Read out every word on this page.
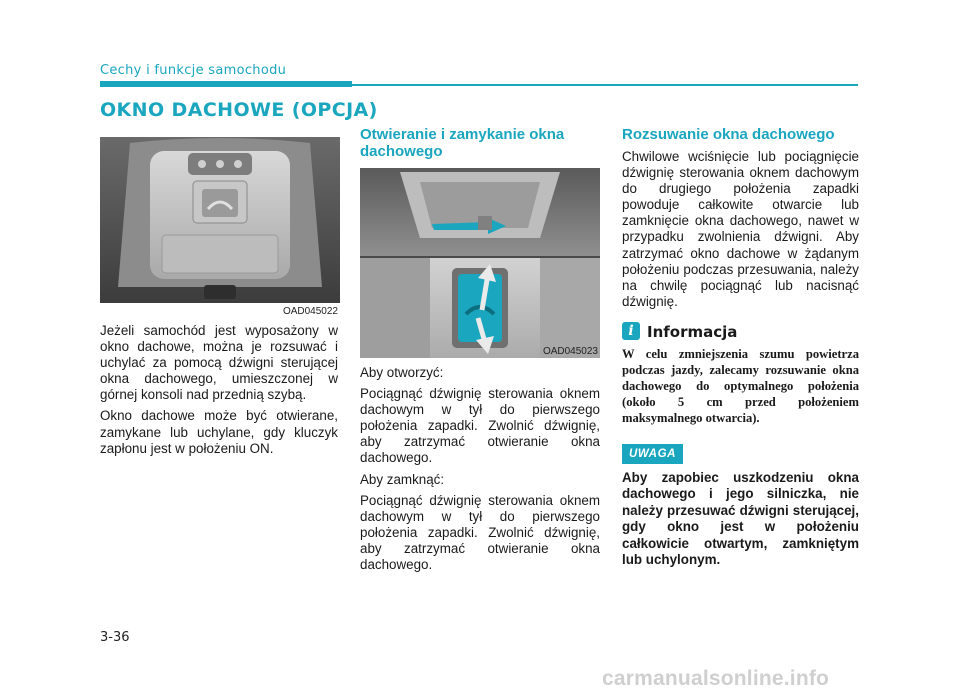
Cechy i funkcje samochodu
OKNO DACHOWE (OPCJA)
OAD045022

Jeżeli samochód jest wyposażony w okno dachowe, można je rozsuwać i uchylać za pomocą dźwigni sterującej okna dachowego, umieszczonej w górnej konsoli nad przednią szybą.

Okno dachowe może być otwierane, zamykane lub uchylane, gdy kluczyk zapłonu jest w położeniu ON.

Otwieranie i zamykanie okna dachowego
OAD045023

Aby otworzyć:

Pociągnąć dźwignię sterowania oknem dachowym w tył do pierwszego położenia zapadki. Zwolnić dźwignię, aby zatrzymać otwieranie okna dachowego.

Aby zamknąć:

Pociągnąć dźwignię sterowania oknem dachowym w tył do pierwszego położenia zapadki. Zwolnić dźwignię, aby zatrzymać otwieranie okna dachowego.

Rozsuwanie okna dachowego

Chwilowe wciśnięcie lub pociągnięcie dźwignię sterowania oknem dachowym do drugiego położenia zapadki powoduje całkowite otwarcie lub zamknięcie okna dachowego, nawet w przypadku zwolnienia dźwigni. Aby zatrzymać okno dachowe w żądanym położeniu podczas przesuwania, należy na chwilę pociągnąć lub nacisnąć dźwignię.

i Informacja

W celu zmniejszenia szumu powietrza podczas jazdy, zalecamy rozsuwanie okna dachowego do optymalnego położenia (około 5 cm przed położeniem maksymalnego otwarcia).

UWAGA

Aby zapobiec uszkodzeniu okna dachowego i jego silniczka, nie należy przesuwać dźwigni sterującej, gdy okno jest w położeniu całkowicie otwartym, zamkniętym lub uchylonym.

3-36
carmanualsonline.info
